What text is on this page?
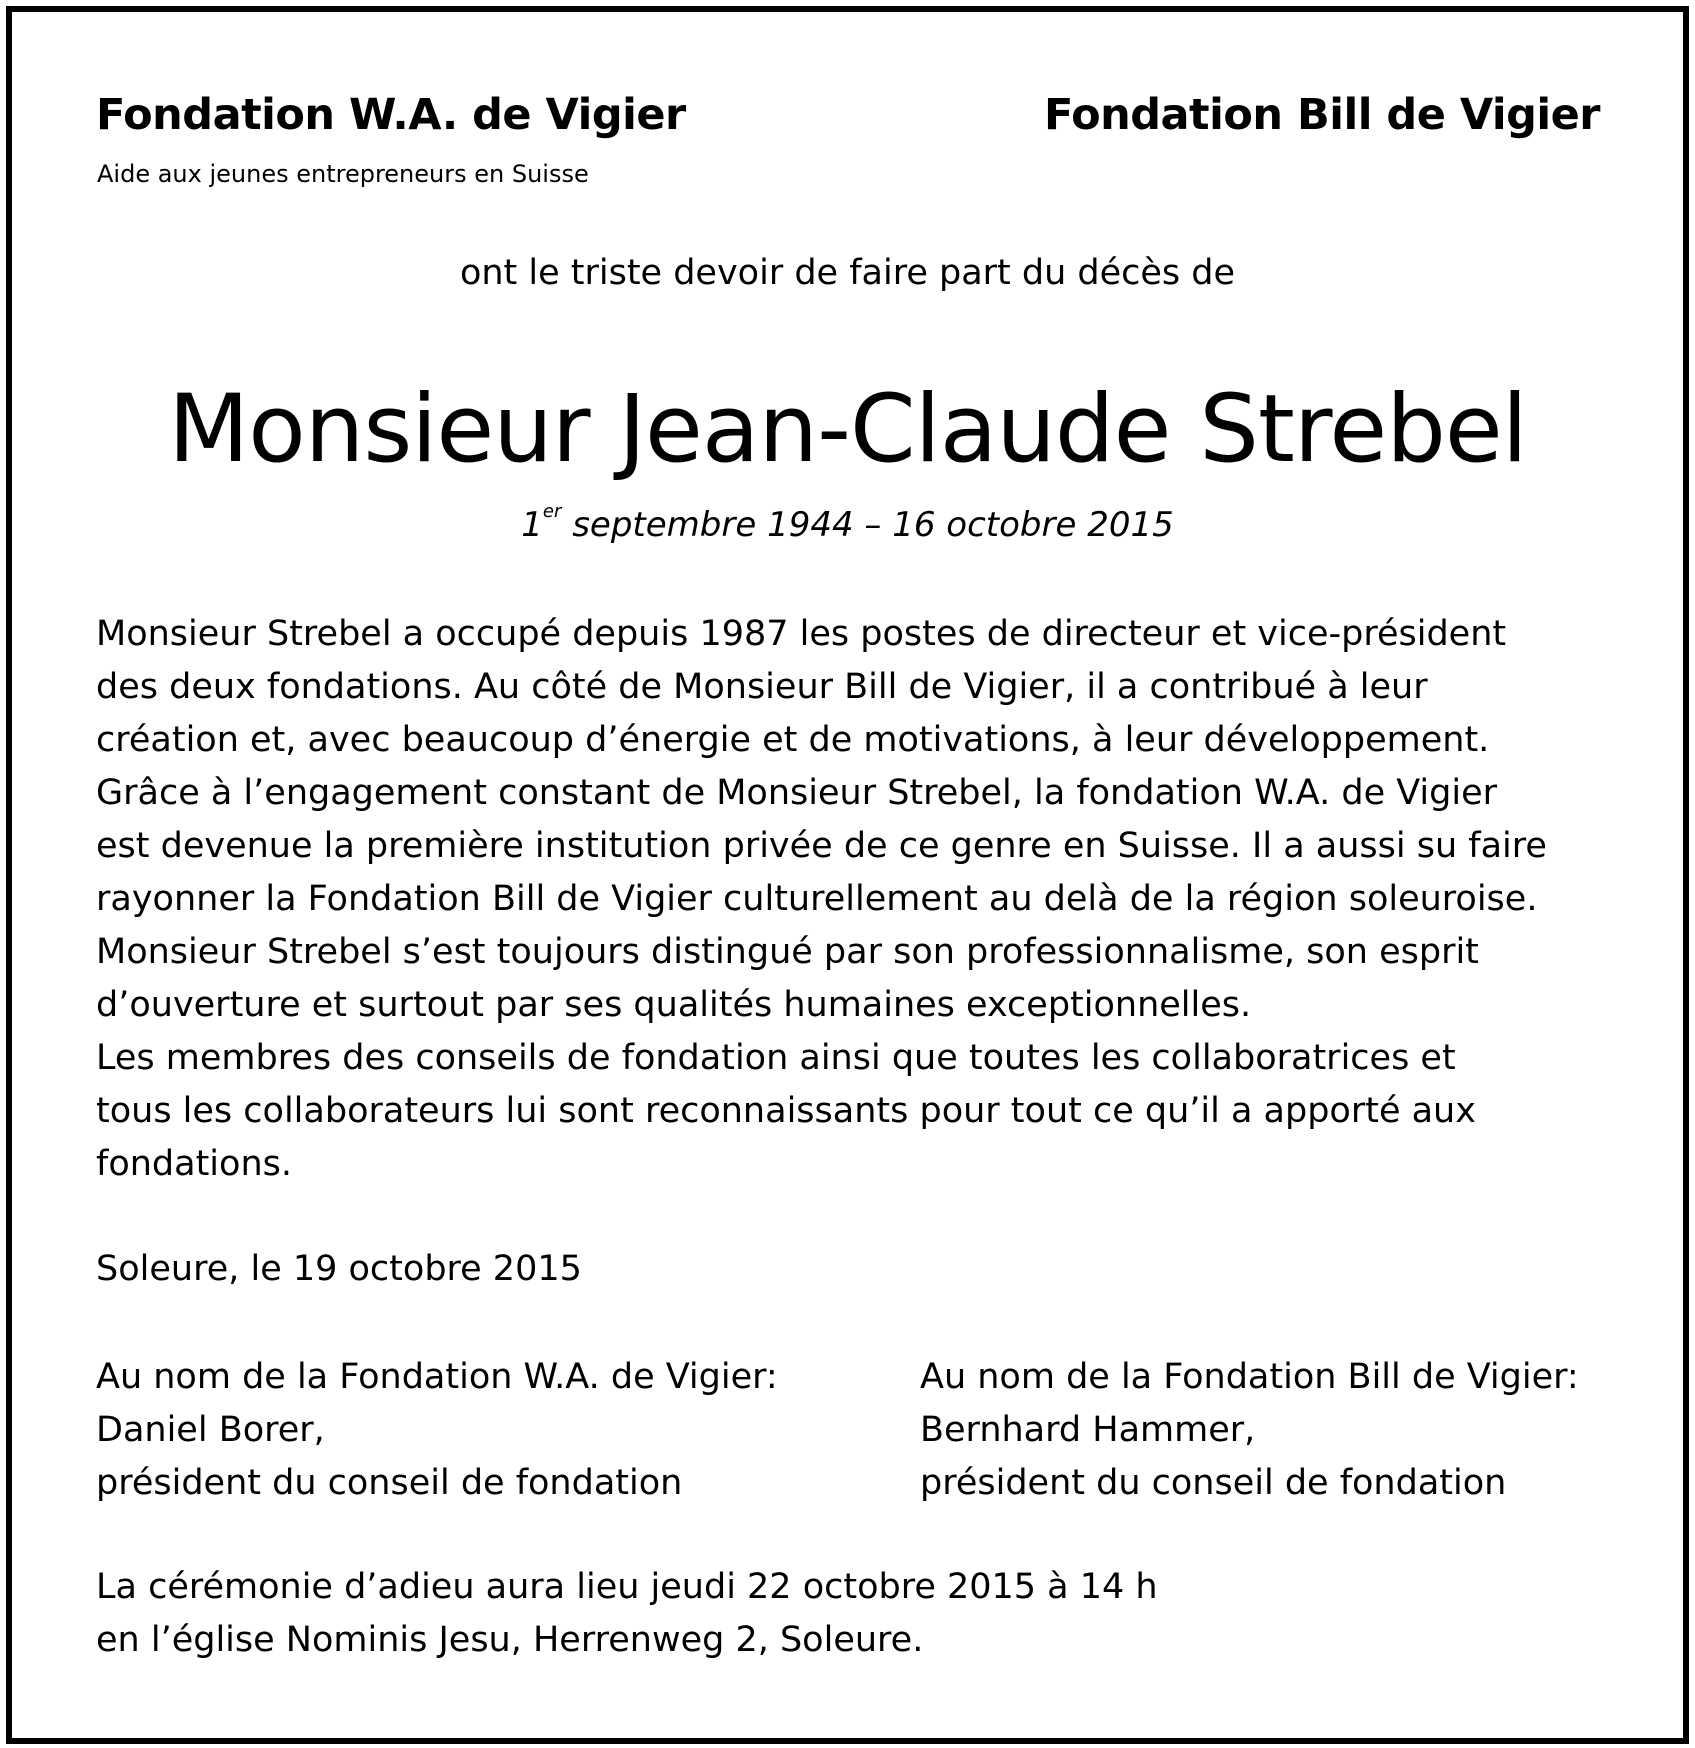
Fondation W.A. de Vigier
Aide aux jeunes entrepreneurs en Suisse
Fondation Bill de Vigier
ont le triste devoir de faire part du décès de
Monsieur Jean-Claude Strebel
1er septembre 1944 – 16 octobre 2015
Monsieur Strebel a occupé depuis 1987 les postes de directeur et vice-président
des deux fondations. Au côté de Monsieur Bill de Vigier, il a contribué à leur
création et, avec beaucoup d’énergie et de motivations, à leur développement.
Grâce à l’engagement constant de Monsieur Strebel, la fondation W.A. de Vigier
est devenue la première institution privée de ce genre en Suisse. Il a aussi su faire
rayonner la Fondation Bill de Vigier culturellement au delà de la région soleuroise.
Monsieur Strebel s’est toujours distingué par son professionnalisme, son esprit
d’ouverture et surtout par ses qualités humaines exceptionnelles.
Les membres des conseils de fondation ainsi que toutes les collaboratrices et
tous les collaborateurs lui sont reconnaissants pour tout ce qu’il a apporté aux
fondations.
Soleure, le 19 octobre 2015
Au nom de la Fondation W.A. de Vigier:
Daniel Borer,
président du conseil de fondation
Au nom de la Fondation Bill de Vigier:
Bernhard Hammer,
président du conseil de fondation
La cérémonie d’adieu aura lieu jeudi 22 octobre 2015 à 14 h
en l’église Nominis Jesu, Herrenweg 2, Soleure.
